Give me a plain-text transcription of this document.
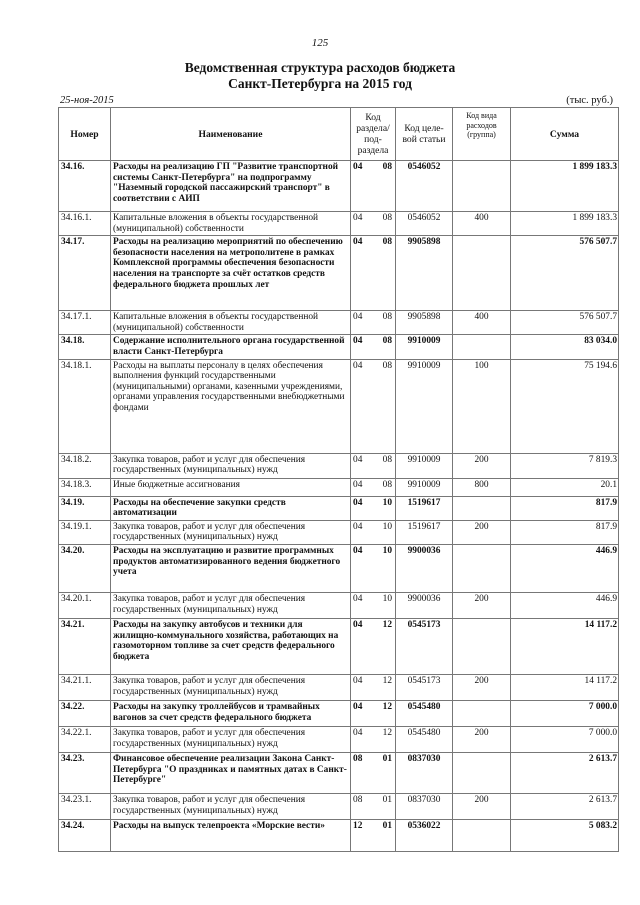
125
Ведомственная структура расходов бюджета
Санкт-Петербурга на 2015 год
25-ноя-2015	(тыс. руб.)
Номер	Наименование	Код раздела/ под-раздела		Код целе-вой статьи	Код вида расходов (группа)	Сумма
34.16.	Расходы на реализацию ГП "Развитие транспортной системы Санкт-Петербурга" на подпрограмму "Наземный городской пассажирский транспорт" в соответствии с АИП	04	08	0546052		1 899 183.3
34.16.1.	Капитальные вложения в объекты государственной (муниципальной) собственности	04	08	0546052	400	1 899 183.3
34.17.	Расходы на реализацию мероприятий по обеспечению безопасности населения на метрополитене в рамках Комплексной программы обеспечения безопасности населения на транспорте за счёт остатков средств федерального бюджета прошлых лет	04	08	9905898		576 507.7
34.17.1.	Капитальные вложения в объекты государственной (муниципальной) собственности	04	08	9905898	400	576 507.7
34.18.	Содержание исполнительного органа государственной власти Санкт-Петербурга	04	08	9910009		83 034.0
34.18.1.	Расходы на выплаты персоналу в целях обеспечения выполнения функций государственными (муниципальными) органами, казенными учреждениями, органами управления государственными внебюджетными фондами	04	08	9910009	100	75 194.6
34.18.2.	Закупка товаров, работ и услуг для обеспечения государственных (муниципальных) нужд	04	08	9910009	200	7 819.3
34.18.3.	Иные бюджетные ассигнования	04	08	9910009	800	20.1
34.19.	Расходы на обеспечение закупки средств автоматизации	04	10	1519617		817.9
34.19.1.	Закупка товаров, работ и услуг для обеспечения государственных (муниципальных) нужд	04	10	1519617	200	817.9
34.20.	Расходы на эксплуатацию и развитие программных продуктов автоматизированного ведения бюджетного учета	04	10	9900036		446.9
34.20.1.	Закупка товаров, работ и услуг для обеспечения государственных (муниципальных) нужд	04	10	9900036	200	446.9
34.21.	Расходы на закупку автобусов и техники для жилищно-коммунального хозяйства, работающих на газомоторном топливе за счет средств федерального бюджета	04	12	0545173		14 117.2
34.21.1.	Закупка товаров, работ и услуг для обеспечения государственных (муниципальных) нужд	04	12	0545173	200	14 117.2
34.22.	Расходы на закупку троллейбусов и трамвайных вагонов за счет средств федерального бюджета	04	12	0545480		7 000.0
34.22.1.	Закупка товаров, работ и услуг для обеспечения государственных (муниципальных) нужд	04	12	0545480	200	7 000.0
34.23.	Финансовое обеспечение реализации Закона Санкт-Петербурга "О праздниках и памятных датах в Санкт-Петербурге"	08	01	0837030		2 613.7
34.23.1.	Закупка товаров, работ и услуг для обеспечения государственных (муниципальных) нужд	08	01	0837030	200	2 613.7
34.24.	Расходы на выпуск телепроекта «Морские вести»	12	01	0536022		5 083.2
